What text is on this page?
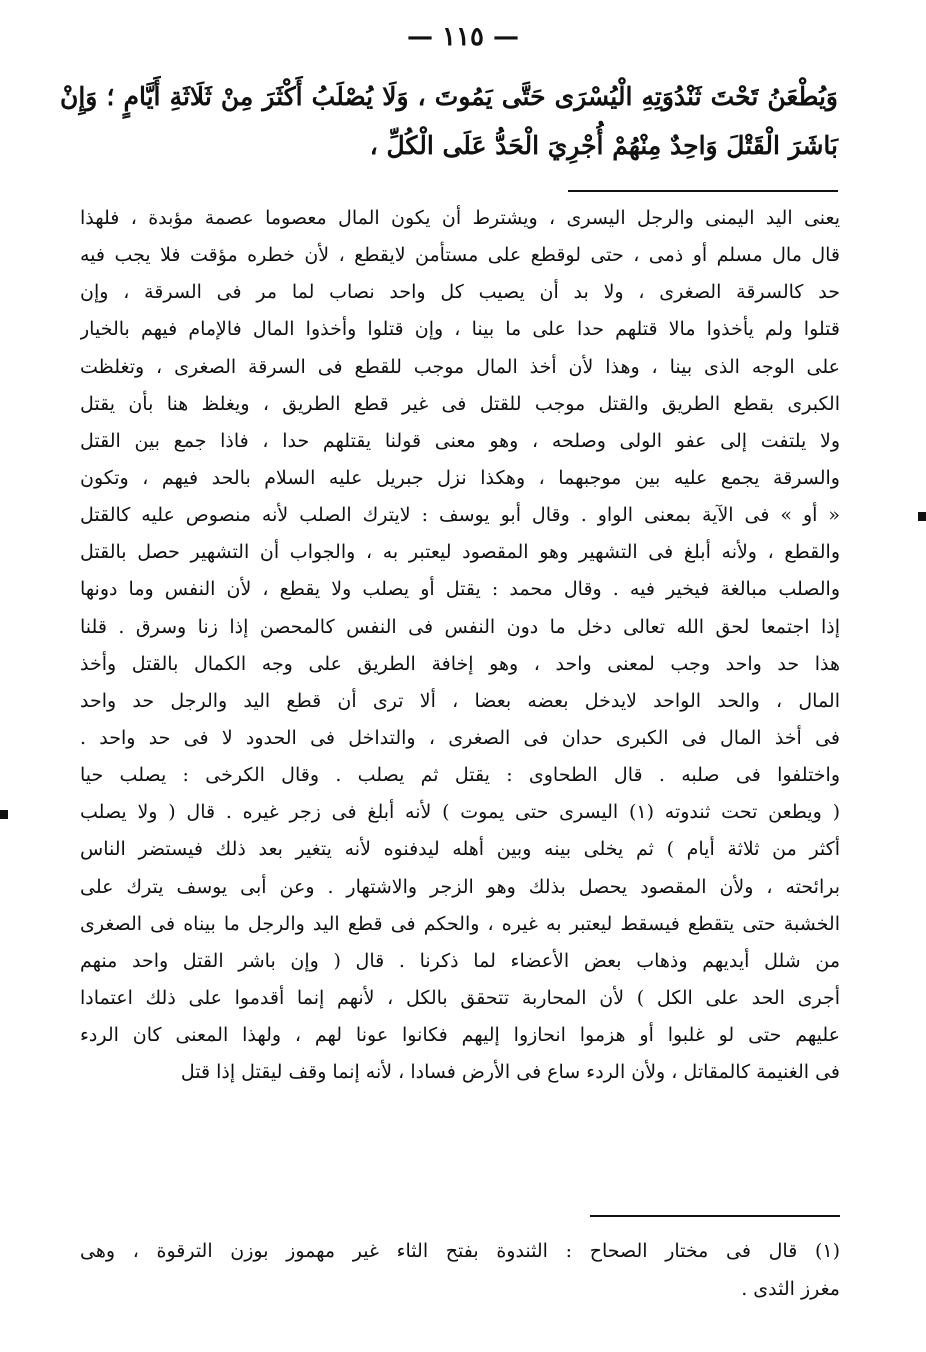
— ١١٥ —
وَيُطْعَنُ تَحْتَ ثَنْدُوَتِهِ الْيُسْرَى حَتَّى يَمُوتَ ، وَلَا يُصْلَبُ أَكْثَرَ مِنْ ثَلَاثَةِ أَيَّامٍ ؛ وَإِنْ بَاشَرَ الْقَتْلَ وَاحِدٌ مِنْهُمْ أُجْرِيَ الْحَدُّ عَلَى الْكُلِّ ،
يعنى اليد اليمنى والرجل اليسرى ، ويشترط أن يكون المال معصوما عصمة مؤبدة ، فلهذا
قال مال مسلم أو ذمى ، حتى لوقطع على مستأمن لايقطع ، لأن خطره مؤقت فلا يجب فيه
حد كالسرقة الصغرى ، ولا بد أن يصيب كل واحد نصاب لما مر فى السرقة ، وإن
قتلوا ولم يأخذوا مالا قتلهم حدا على ما بينا ، وإن قتلوا وأخذوا المال فالإمام فيهم بالخيار
على الوجه الذى بينا ، وهذا لأن أخذ المال موجب للقطع فى السرقة الصغرى ، وتغلظت
الكبرى بقطع الطريق والقتل موجب للقتل فى غير قطع الطريق ، ويغلظ هنا بأن يقتل
ولا يلتفت إلى عفو الولى وصلحه ، وهو معنى قولنا يقتلهم حدا ، فاذا جمع بين القتل
والسرقة يجمع عليه بين موجبهما ، وهكذا نزل جبريل عليه السلام بالحد فيهم ، وتكون
« أو » فى الآية بمعنى الواو . وقال أبو يوسف : لايترك الصلب لأنه منصوص عليه كالقتل
والقطع ، ولأنه أبلغ فى التشهير وهو المقصود ليعتبر به ، والجواب أن التشهير حصل بالقتل
والصلب مبالغة فيخير فيه . وقال محمد : يقتل أو يصلب ولا يقطع ، لأن النفس وما دونها
إذا اجتمعا لحق الله تعالى دخل ما دون النفس فى النفس كالمحصن إذا زنا وسرق . قلنا
هذا حد واحد وجب لمعنى واحد ، وهو إخافة الطريق على وجه الكمال بالقتل وأخذ
المال ، والحد الواحد لايدخل بعضه بعضا ، ألا ترى أن قطع اليد والرجل حد واحد
فى أخذ المال فى الكبرى حدان فى الصغرى ، والتداخل فى الحدود لا فى حد واحد .
واختلفوا فى صلبه . قال الطحاوى : يقتل ثم يصلب . وقال الكرخى : يصلب حيا
( ويطعن تحت ثندوته (١) اليسرى حتى يموت ) لأنه أبلغ فى زجر غيره . قال ( ولا يصلب
أكثر من ثلاثة أيام ) ثم يخلى بينه وبين أهله ليدفنوه لأنه يتغير بعد ذلك فيستضر الناس
برائحته ، ولأن المقصود يحصل بذلك وهو الزجر والاشتهار . وعن أبى يوسف يترك على
الخشبة حتى يتقطع فيسقط ليعتبر به غيره ، والحكم فى قطع اليد والرجل ما بيناه فى الصغرى
من شلل أيديهم وذهاب بعض الأعضاء لما ذكرنا . قال ( وإن باشر القتل واحد منهم
أجرى الحد على الكل ) لأن المحاربة تتحقق بالكل ، لأنهم إنما أقدموا على ذلك اعتمادا
عليهم حتى لو غلبوا أو هزموا انحازوا إليهم فكانوا عونا لهم ، ولهذا المعنى كان الردء
فى الغنيمة كالمقاتل ، ولأن الردء ساع فى الأرض فسادا ، لأنه إنما وقف ليقتل إذا قتل
(١) قال فى مختار الصحاح : الثندوة بفتح الثاء غير مهموز بوزن الترقوة ، وهى
مغرز الثدى .
